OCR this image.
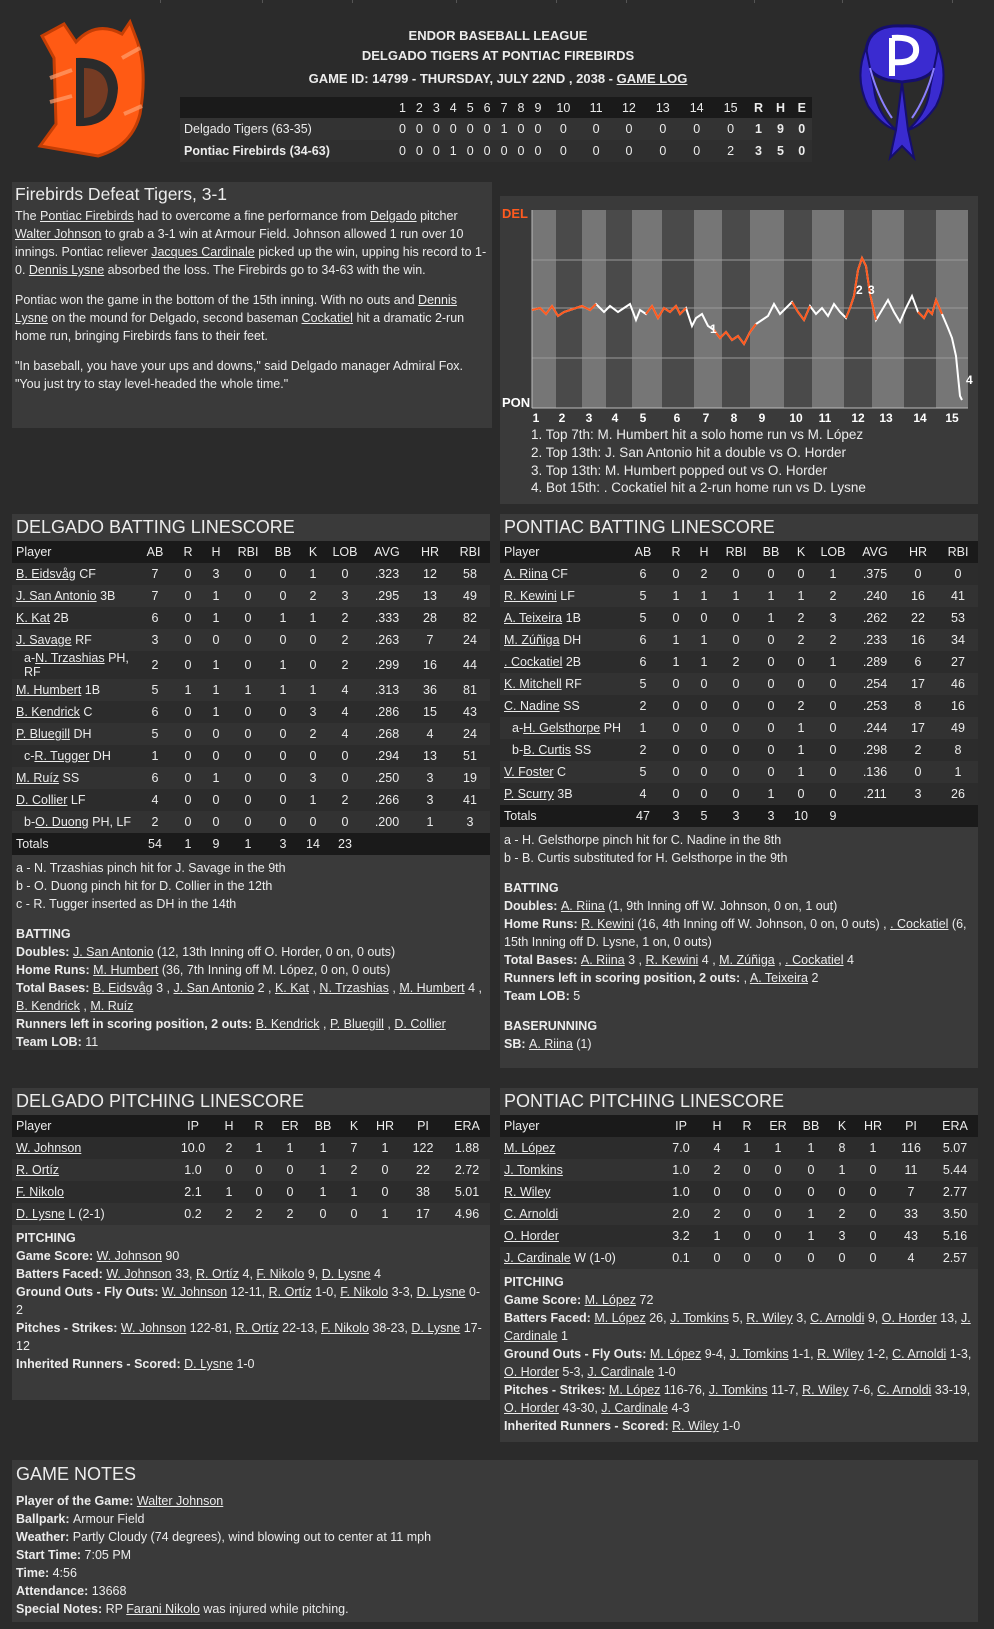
ENDOR BASEBALL LEAGUE
DELGADO TIGERS AT PONTIAC FIREBIRDS
GAME ID: 14799 - THURSDAY, JULY 22ND , 2038 - GAME LOG
	1	2	3	4	5	6	7	8	9	10	11	12	13	14	15	R	H	E
Delgado Tigers (63-35)	0	0	0	0	0	0	1	0	0	0	0	0	0	0	0	1	9	0
Pontiac Firebirds (34-63)	0	0	0	1	0	0	0	0	0	0	0	0	0	0	2	3	5	0
Firebirds Defeat Tigers, 3-1

The Pontiac Firebirds had to overcome a fine performance from Delgado pitcher Walter Johnson to grab a 3-1 win at Armour Field. Johnson allowed 1 run over 10 innings. Pontiac reliever Jacques Cardinale picked up the win, upping his record to 1-0. Dennis Lysne absorbed the loss. The Firebirds go to 34-63 with the win.

Pontiac won the game in the bottom of the 15th inning. With no outs and Dennis Lysne on the mound for Delgado, second baseman Cockatiel hit a dramatic 2-run home run, bringing Firebirds fans to their feet.

"In baseball, you have your ups and downs," said Delgado manager Admiral Fox. "You just try to stay level-headed the whole time."

DEL
PON
1 2 3 4 5 6 7 8 9 10 11 12 13 14 15
1
2 3
4
1. Top 7th: M. Humbert hit a solo home run vs M. López
2. Top 13th: J. San Antonio hit a double vs O. Horder
3. Top 13th: M. Humbert popped out vs O. Horder
4. Bot 15th: . Cockatiel hit a 2-run home run vs D. Lysne
DELGADO BATTING LINESCORE
Player	AB	R	H	RBI	BB	K	LOB	AVG	HR	RBI
B. Eidsvåg CF	7	0	3	0	0	1	0	.323	12	58
J. San Antonio 3B	7	0	1	0	0	2	3	.295	13	49
K. Kat 2B	6	0	1	0	1	1	2	.333	28	82
J. Savage RF	3	0	0	0	0	0	2	.263	7	24
a-N. Trzashias PH, RF	2	0	1	0	1	0	2	.299	16	44
M. Humbert 1B	5	1	1	1	1	1	4	.313	36	81
B. Kendrick C	6	0	1	0	0	3	4	.286	15	43
P. Bluegill DH	5	0	0	0	0	2	4	.268	4	24
c-R. Tugger DH	1	0	0	0	0	0	0	.294	13	51
M. Ruíz SS	6	0	1	0	0	3	0	.250	3	19
D. Collier LF	4	0	0	0	0	1	2	.266	3	41
b-O. Duong PH, LF	2	0	0	0	0	0	0	.200	1	3
Totals	54	1	9	1	3	14	23			
a - N. Trzashias pinch hit for J. Savage in the 9th
b - O. Duong pinch hit for D. Collier in the 12th
c - R. Tugger inserted as DH in the 14th
BATTING
Doubles: J. San Antonio (12, 13th Inning off O. Horder, 0 on, 0 outs)
Home Runs: M. Humbert (36, 7th Inning off M. López, 0 on, 0 outs)
Total Bases: B. Eidsvåg 3 , J. San Antonio 2 , K. Kat , N. Trzashias , M. Humbert 4 , B. Kendrick , M. Ruíz
Runners left in scoring position, 2 outs: B. Kendrick , P. Bluegill , D. Collier
Team LOB: 11
PONTIAC BATTING LINESCORE
Player	AB	R	H	RBI	BB	K	LOB	AVG	HR	RBI
A. Riina CF	6	0	2	0	0	0	1	.375	0	0
R. Kewini LF	5	1	1	1	1	1	2	.240	16	41
A. Teixeira 1B	5	0	0	0	1	2	3	.262	22	53
M. Zúñiga DH	6	1	1	0	0	2	2	.233	16	34
. Cockatiel 2B	6	1	1	2	0	0	1	.289	6	27
K. Mitchell RF	5	0	0	0	0	0	0	.254	17	46
C. Nadine SS	2	0	0	0	0	2	0	.253	8	16
a-H. Gelsthorpe PH	1	0	0	0	0	1	0	.244	17	49
b-B. Curtis SS	2	0	0	0	0	1	0	.298	2	8
V. Foster C	5	0	0	0	0	1	0	.136	0	1
P. Scurry 3B	4	0	0	0	1	0	0	.211	3	26
Totals	47	3	5	3	3	10	9			
a - H. Gelsthorpe pinch hit for C. Nadine in the 8th
b - B. Curtis substituted for H. Gelsthorpe in the 9th
BATTING
Doubles: A. Riina (1, 9th Inning off W. Johnson, 0 on, 1 out)
Home Runs: R. Kewini (16, 4th Inning off W. Johnson, 0 on, 0 outs) , . Cockatiel (6, 15th Inning off D. Lysne, 1 on, 0 outs)
Total Bases: A. Riina 3 , R. Kewini 4 , M. Zúñiga , . Cockatiel 4
Runners left in scoring position, 2 outs: , A. Teixeira 2
Team LOB: 5
BASERUNNING
SB: A. Riina (1)
DELGADO PITCHING LINESCORE
Player	IP	H	R	ER	BB	K	HR	PI	ERA
W. Johnson	10.0	2	1	1	1	7	1	122	1.88
R. Ortíz	1.0	0	0	0	1	2	0	22	2.72
F. Nikolo	2.1	1	0	0	1	1	0	38	5.01
D. Lysne L (2-1)	0.2	2	2	2	0	0	1	17	4.96
PITCHING
Game Score: W. Johnson 90
Batters Faced: W. Johnson 33, R. Ortíz 4, F. Nikolo 9, D. Lysne 4
Ground Outs - Fly Outs: W. Johnson 12-11, R. Ortíz 1-0, F. Nikolo 3-3, D. Lysne 0-2
Pitches - Strikes: W. Johnson 122-81, R. Ortíz 22-13, F. Nikolo 38-23, D. Lysne 17-12
Inherited Runners - Scored: D. Lysne 1-0
PONTIAC PITCHING LINESCORE
Player	IP	H	R	ER	BB	K	HR	PI	ERA
M. López	7.0	4	1	1	1	8	1	116	5.07
J. Tomkins	1.0	2	0	0	0	1	0	11	5.44
R. Wiley	1.0	0	0	0	0	0	0	7	2.77
C. Arnoldi	2.0	2	0	0	1	2	0	33	3.50
O. Horder	3.2	1	0	0	1	3	0	43	5.16
J. Cardinale W (1-0)	0.1	0	0	0	0	0	0	4	2.57
PITCHING
Game Score: M. López 72
Batters Faced: M. López 26, J. Tomkins 5, R. Wiley 3, C. Arnoldi 9, O. Horder 13, J. Cardinale 1
Ground Outs - Fly Outs: M. López 9-4, J. Tomkins 1-1, R. Wiley 1-2, C. Arnoldi 1-3, O. Horder 5-3, J. Cardinale 1-0
Pitches - Strikes: M. López 116-76, J. Tomkins 11-7, R. Wiley 7-6, C. Arnoldi 33-19, O. Horder 43-30, J. Cardinale 4-3
Inherited Runners - Scored: R. Wiley 1-0
GAME NOTES
Player of the Game: Walter Johnson
Ballpark: Armour Field
Weather: Partly Cloudy (74 degrees), wind blowing out to center at 11 mph
Start Time: 7:05 PM
Time: 4:56
Attendance: 13668
Special Notes: RP Farani Nikolo was injured while pitching.
